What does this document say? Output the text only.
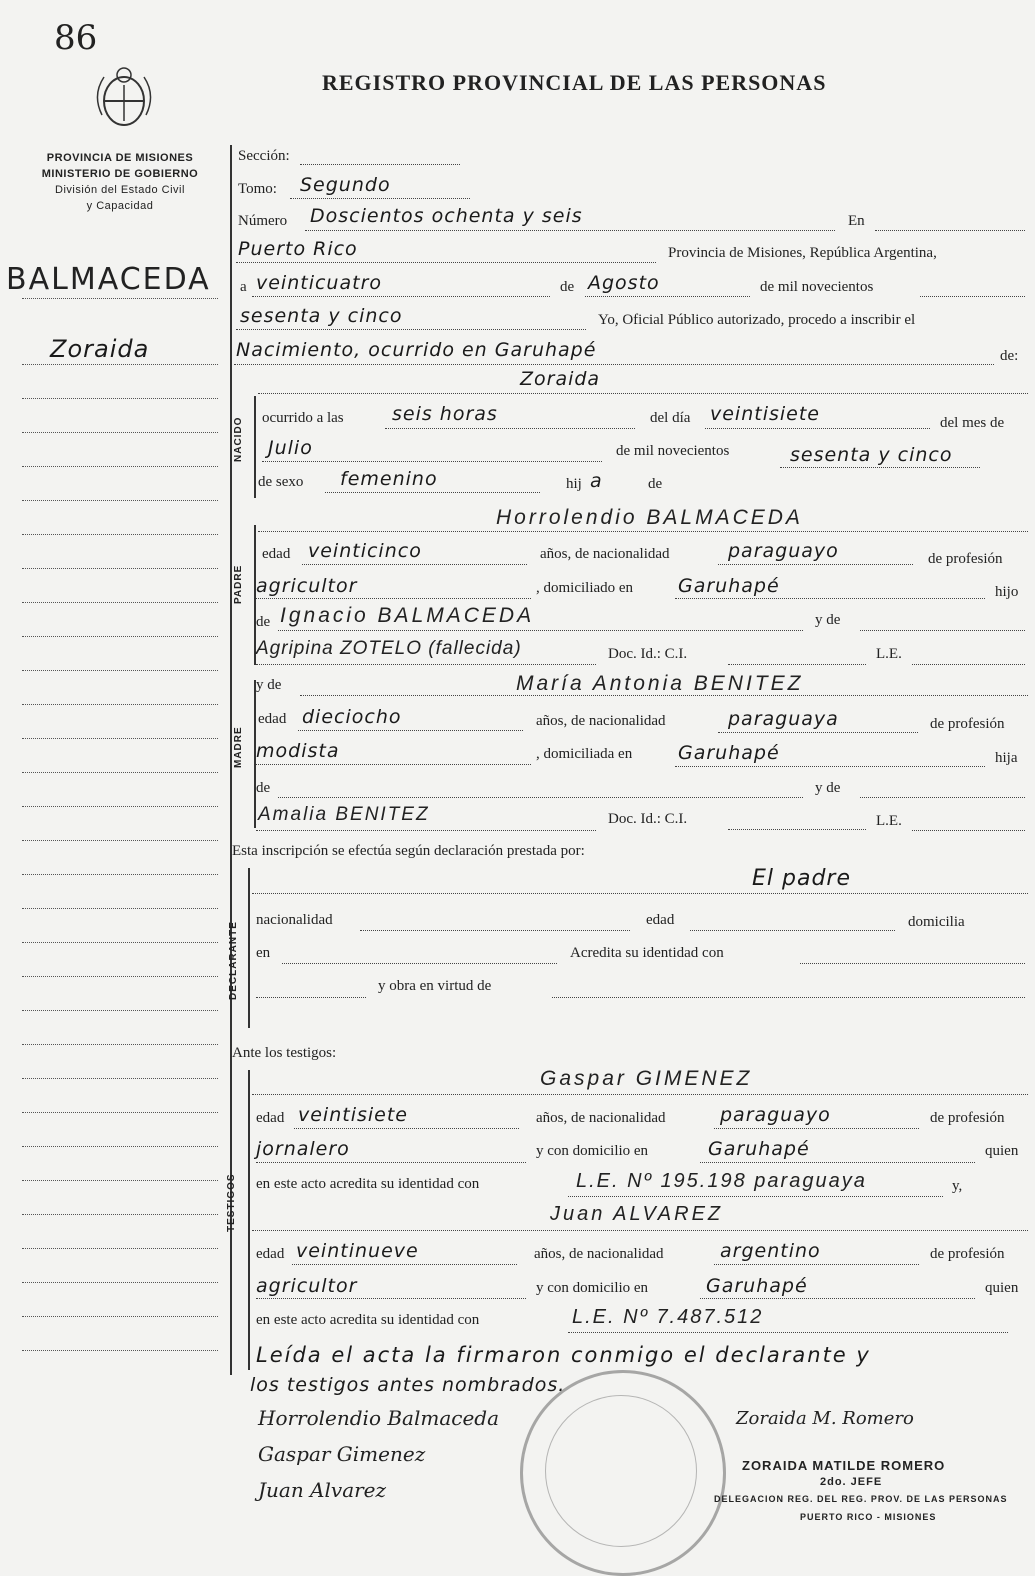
86
REGISTRO PROVINCIAL DE LAS PERSONAS
PROVINCIA DE MISIONES
MINISTERIO DE GOBIERNO
División del Estado Civil
y Capacidad
BALMACEDA
Zoraida
Sección:
Tomo: Segundo
Número Doscientos ochenta y seis	En
Puerto Rico	Provincia de Misiones, República Argentina,
a veinticuatro	de Agosto	de mil novecientos
sesenta y cinco	Yo, Oficial Público autorizado, procedo a inscribir el
Nacimiento, ocurrido en Garuhapé	de:
NACIDO
Zoraida
ocurrido a las	seis horas	del día veintisiete	del mes de
Julio	de mil novecientos	sesenta y cinco
de sexo femenino	hij a	de
PADRE
Horrolendio BALMACEDA
edad veinticinco	años, de nacionalidad	paraguayo	de profesión
agricultor	, domiciliado en Garuhapé	hijo
de Ignacio BALMACEDA	y de
Agripina ZOTELO (fallecida)	Doc. Id.: C.I.	L.E.
MADRE
y de	María Antonia BENITEZ
edad dieciocho	años, de nacionalidad	paraguaya	de profesión
modista	, domiciliada en Garuhapé	hija
de	y de
Amalia BENITEZ	Doc. Id.: C.I.	L.E.
Esta inscripción se efectúa según declaración prestada por:
DECLARANTE
El padre
nacionalidad	edad	domicilia
en	Acredita su identidad con
y obra en virtud de
Ante los testigos:
TESTIGOS
Gaspar GIMENEZ
edad veintisiete	años, de nacionalidad	paraguayo	de profesión
jornalero	y con domicilio en	Garuhapé	quien
en este acto acredita su identidad con	L.E. Nº 195.198 paraguaya	y,
Juan ALVAREZ
edad veintinueve	años, de nacionalidad	argentino	de profesión
agricultor	y con domicilio en	Garuhapé	quien
en este acto acredita su identidad con	L.E. Nº 7.487.512
Leída el acta la firmaron conmigo el declarante y
los testigos antes nombrados.
Horrolendio Balmaceda
Gaspar Gimenez
Juan Alvarez
Zoraida M. Romero
ZORAIDA MATILDE ROMERO
2do. JEFE
DELEGACION REG. DEL REG. PROV. DE LAS PERSONAS
PUERTO RICO - MISIONES
